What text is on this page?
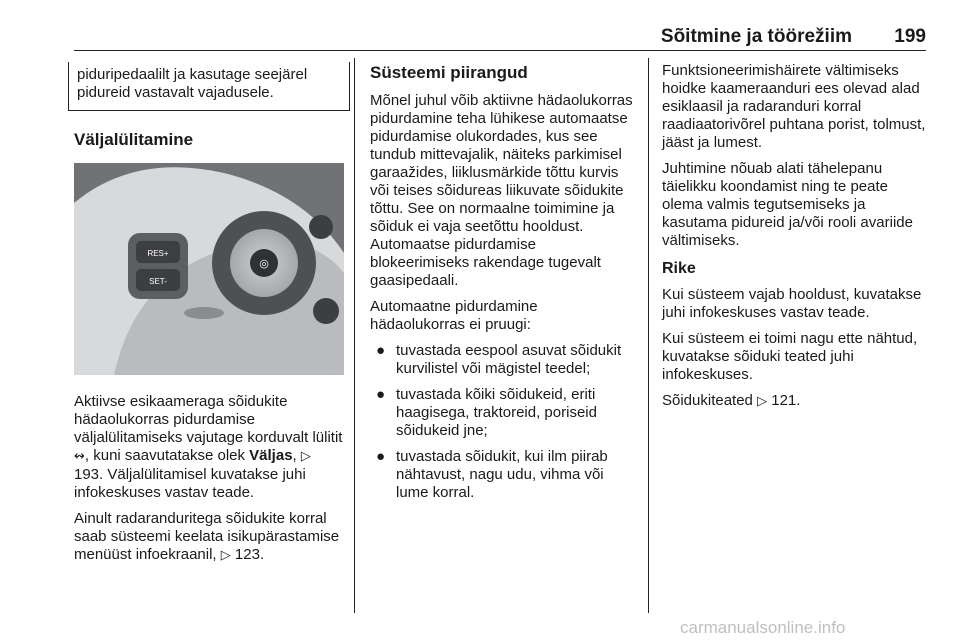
Sõitmine ja töörežiim 199
piduripedaalilt ja kasutage seejärel pidureid vastavalt vajadusele.
Väljalülitamine
RES+
SET-
◎

Aktiivse esikaameraga sõidukite hädaolukorras pidurdamise väljalülitamiseks vajutage korduvalt lülitit ↭, kuni saavutatakse olek Väljas, ▷ 193. Väljalülitamisel kuvatakse juhi infokeskuses vastav teade.

Ainult radaranduritega sõidukite korral saab süsteemi keelata isikupärastamise menüüst infoekraanil, ▷ 123.

Süsteemi piirangud

Mõnel juhul võib aktiivne hädaolukorras pidurdamine teha lühikese automaatse pidurdamise olukordades, kus see tundub mittevajalik, näiteks parkimisel garaažides, liiklusmärkide tõttu kurvis või teises sõidureas liikuvate sõidukite tõttu. See on normaalne toimimine ja sõiduk ei vaja seetõttu hooldust. Automaatse pidurdamise blokeerimiseks rakendage tugevalt gaasipedaali.

Automaatne pidurdamine hädaolukorras ei pruugi:

● tuvastada eespool asuvat sõidukit kurvilistel või mägistel teedel;
● tuvastada kõiki sõidukeid, eriti haagisega, traktoreid, poriseid sõidukeid jne;
● tuvastada sõidukit, kui ilm piirab nähtavust, nagu udu, vihma või lume korral.

Funktsioneerimishäirete vältimiseks hoidke kaameraanduri ees olevad alad esiklaasil ja radaranduri korral raadiaatorivõrel puhtana porist, tolmust, jääst ja lumest.

Juhtimine nõuab alati tähelepanu täielikku koondamist ning te peate olema valmis tegutsemiseks ja kasutama pidureid ja/või rooli avariide vältimiseks.

Rike

Kui süsteem vajab hooldust, kuvatakse juhi infokeskuses vastav teade.

Kui süsteem ei toimi nagu ette nähtud, kuvatakse sõiduki teated juhi infokeskuses.

Sõidukiteated ▷ 121.

carmanualsonline.info
